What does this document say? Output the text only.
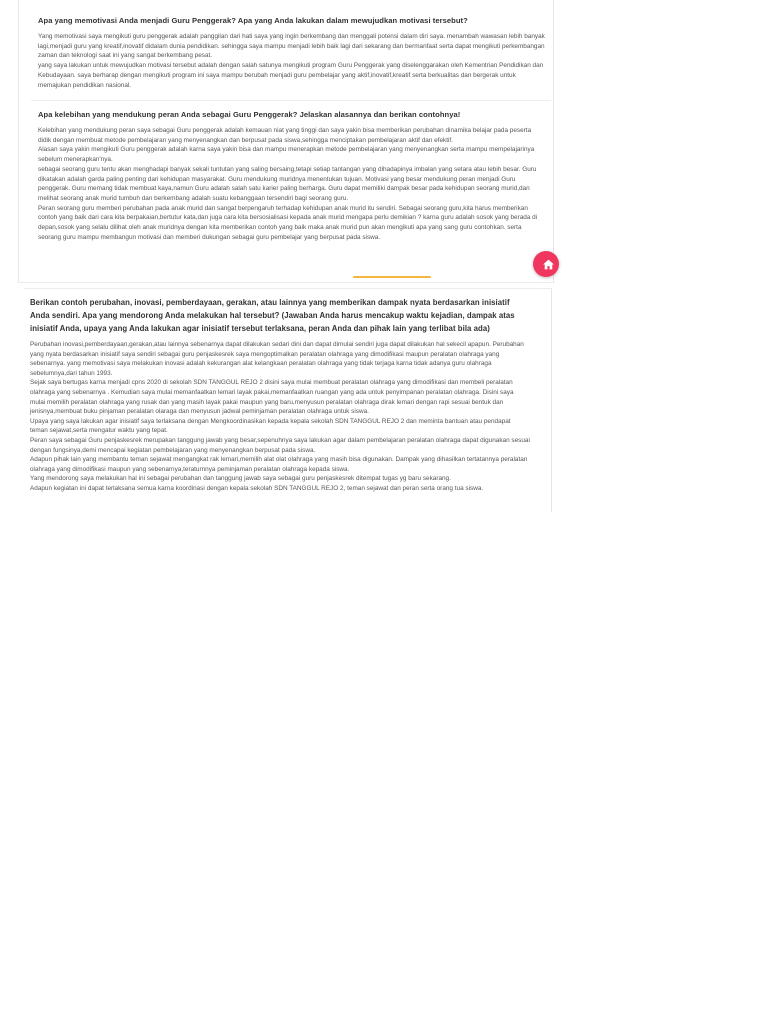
Apa yang memotivasi Anda menjadi Guru Penggerak? Apa yang Anda lakukan dalam mewujudkan motivasi tersebut?

Yang memotivasi saya mengikuti guru penggerak adalah panggilan dari hati saya yang ingin berkembang dan menggali potensi dalam diri saya. menambah wawasan lebih banyak lagi,menjadi guru yang kreatif,inovatif didalam dunia pendidikan. sehingga saya mampu menjadi lebih baik lagi dari sekarang dan bermanfaat serta dapat mengikuti perkembangan zaman dan teknologi saat ini yang sangat berkembang pesat.

yang saya lakukan untuk mewujudkan motivasi tersebut adalah dengan salah satunya mengikuti program Guru Penggerak yang diselenggarakan oleh Kementrian Pendidikan dan Kebudayaan. saya berharap dengan mengikuti program ini saya mampu berubah menjadi guru pembelajar yang aktif,inovatif,kreatif serta berkualitas dan bergerak untuk memajukan pendidikan nasional.

Apa kelebihan yang mendukung peran Anda sebagai Guru Penggerak? Jelaskan alasannya dan berikan contohnya!

Kelebihan yang mendukung peran saya sebagai Guru penggerak adalah kemauan niat yang tinggi dan saya yakin bisa memberikan perubahan dinamika belajar pada peserta didik dengan membuat metode pembelajaran yang menyenangkan dan berpusat pada siswa,sehingga menciptakan pembelajaran aktif dan efektif.

Alasan saya yakin mengikuti Guru penggerak adalah karna saya yakin bisa dan mampu menerapkan metode pembelajaran yang menyenangkan serta mampu mempelajarinya sebelum menerapkan'nya.

sebagai seorang guru tentu akan menghadapi banyak sekali tuntutan yang saling bersaing,tetapi setiap tantangan yang dihadapinya imbalan yang setara atau lebih besar. Guru dikatakan adalah garda paling penting dari kehidupan masyarakat. Guru mendukung muridnya menentukan tujuan. Motivasi yang besar mendukung peran menjadi Guru penggerak. Guru memang tidak membuat kaya,namun Guru adalah salah satu karier paling berharga. Guru dapat memiliki dampak besar pada kehidupan seorang murid,dan melihat seorang anak murid tumbuh dan berkembang adalah suatu kebanggaan tersendiri bagi seorang guru.

Peran seorang guru memberi perubahan pada anak murid dan sangat berpengaruh terhadap kehidupan anak murid itu sendiri. Sebagai seorang guru,kita harus memberikan contoh yang baik dari cara kita berpakaian,bertutur kata,dan juga cara kita bersosialisasi kepada anak murid mengapa perlu demikian ? karna guru adalah sosok yang berada di depan,sosok yang selalu dilihat oleh anak muridnya dengan kita memberikan contoh yang baik maka anak murid pun akan mengikuti apa yang sang guru contohkan. serta seorang guru mampu membangun motivasi dan memberi dukungan sebagai guru pembelajar yang berpusat pada siswa.

Berikan contoh perubahan, inovasi, pemberdayaan, gerakan, atau lainnya yang memberikan dampak nyata berdasarkan inisiatif Anda sendiri. Apa yang mendorong Anda melakukan hal tersebut? (Jawaban Anda harus mencakup waktu kejadian, dampak atas inisiatif Anda, upaya yang Anda lakukan agar inisiatif tersebut terlaksana, peran Anda dan pihak lain yang terlibat bila ada)

Perubahan inovasi,pemberdayaan,gerakan,atau lainnya sebenarnya dapat dilakukan sedari dini dan dapat dimulai sendiri juga dapat dilakukan hal sekecil apapun. Perubahan yang nyata berdasarkan inisiatif saya sendiri sebagai guru penjaskesrek saya mengoptimalkan peralatan olahraga yang dimodifikasi maupun peralatan olahraga yang sebenarnya. yang memotivasi saya melakukan inovasi adalah kekurangan alat kelangkaan peralatan olahraga yang tidak terjaga karna tidak adanya guru olahraga sebelumnya,dari tahun 1993.

Sejak saya bertugas karna menjadi cpns 2020 di sekolah SDN TANGGUL REJO 2 disini saya mulai membuat peralatan olahraga yang dimodifikasi dan membeli peralatan olahraga yang sebenarnya . Kemudian saya mulai memanfaatkan lemari layak pakai,memanfaatkan ruangan yang ada untuk penyimpanan peralatan olahraga. Disini saya mulai memilih peralatan olahraga yang rusak dan yang masih layak pakai maupun yang baru,menyusun peralatan olahraga dirak lemari dengan rapi sesuai bentuk dan jenisnya,membuat buku pinjaman peralatan olaraga dan menyusun jadwal peminjaman peralatan olahraga untuk siswa.

Upaya yang saya lakukan agar inisiatif saya terlaksana dengan Mengkoordinasikan kepada kepala sekolah SDN TANGGUL REJO 2 dan meminta bantuan atau pendapat teman sejawat,serta mengatur waktu yang tepat.

Peran saya sebagai Guru penjaskesrek merupakan tanggung jawab yang besar,sepenuhnya saya lakukan agar dalam pembelajaran peralatan olahraga dapat digunakan sesuai dengan fungsinya,demi mencapai kegiatan pembelajaran yang menyenangkan berpusat pada siswa.

Adapun pihak lain yang membantu teman sejawat mengangkat rak lemari,memilih alat olat olahraga yang masih bisa digunakan. Dampak yang dihasilkan tertatannya peralatan olahraga yang dimodifikasi maupun yang sebenarnya,teraturnnya peminjaman peralatan olahraga kepada siswa.

Yang mendorong saya melakukan hal ini sebagai perubahan dan tanggung jawab saya sebagai guru penjaskesrek ditempat tugas yg baru sekarang.

Adapun kegiatan ini dapat terlaksana semua karna koordinasi dengan kepala sekolah SDN TANGGUL REJO 2, teman sejawat dan peran serta orang tua siswa.
